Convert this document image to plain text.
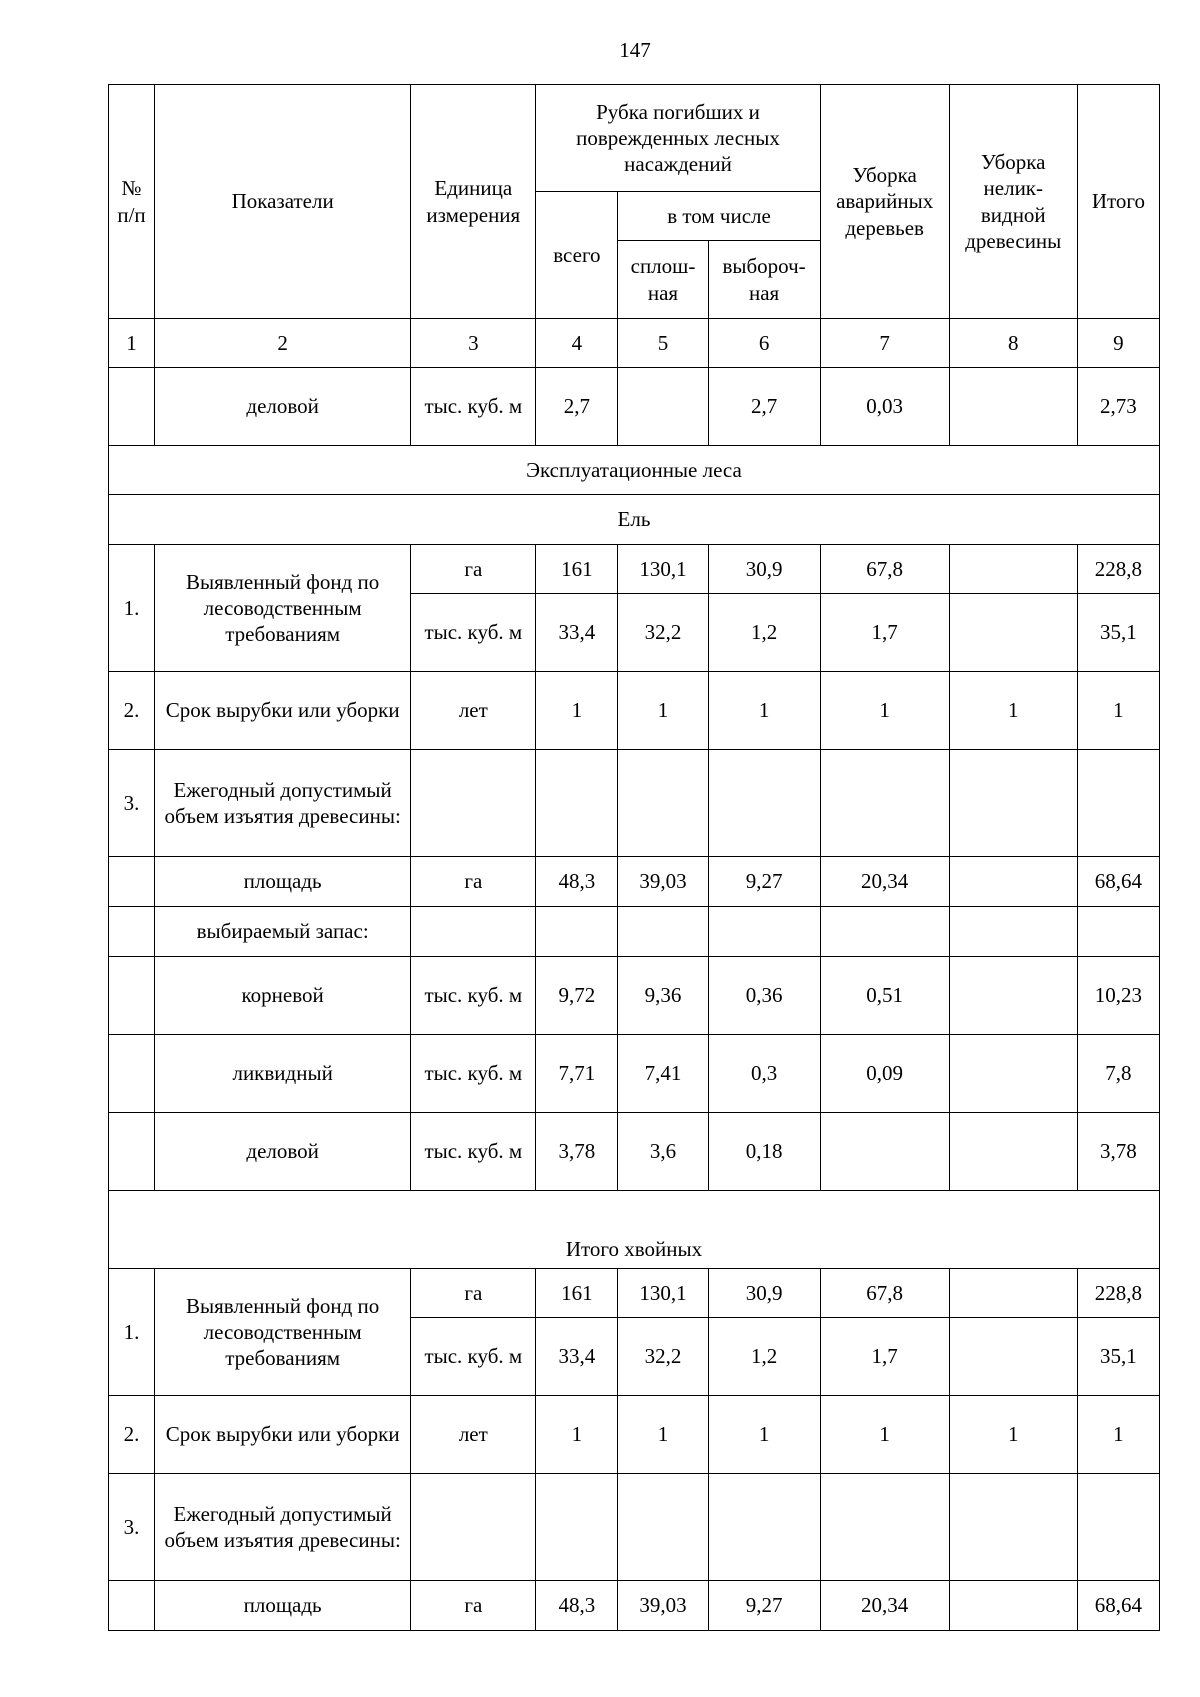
147
№ п/п	Показатели	Единица измерения	Рубка погибших и поврежденных лесных насаждений			Уборка аварийных деревьев	Уборка нелик-видной древесины	Итого
			всего	в том числе				
				сплош-ная	выбороч-ная			
1	2	3	4	5	6	7	8	9
	деловой	тыс. куб. м	2,7		2,7	0,03		2,73
Эксплуатационные леса								
Ель								
1.	Выявленный фонд по лесоводственным требованиям	га	161	130,1	30,9	67,8		228,8
		тыс. куб. м	33,4	32,2	1,2	1,7		35,1
2.	Срок вырубки или уборки	лет	1	1	1	1	1	1
3.	Ежегодный допустимый объем изъятия древесины:							
	площадь	га	48,3	39,03	9,27	20,34		68,64
	выбираемый запас:							
	корневой	тыс. куб. м	9,72	9,36	0,36	0,51		10,23
	ликвидный	тыс. куб. м	7,71	7,41	0,3	0,09		7,8
	деловой	тыс. куб. м	3,78	3,6	0,18			3,78
Итого хвойных								
1.	Выявленный фонд по лесоводственным требованиям	га	161	130,1	30,9	67,8		228,8
		тыс. куб. м	33,4	32,2	1,2	1,7		35,1
2.	Срок вырубки или уборки	лет	1	1	1	1	1	1
3.	Ежегодный допустимый объем изъятия древесины:							
	площадь	га	48,3	39,03	9,27	20,34		68,64
